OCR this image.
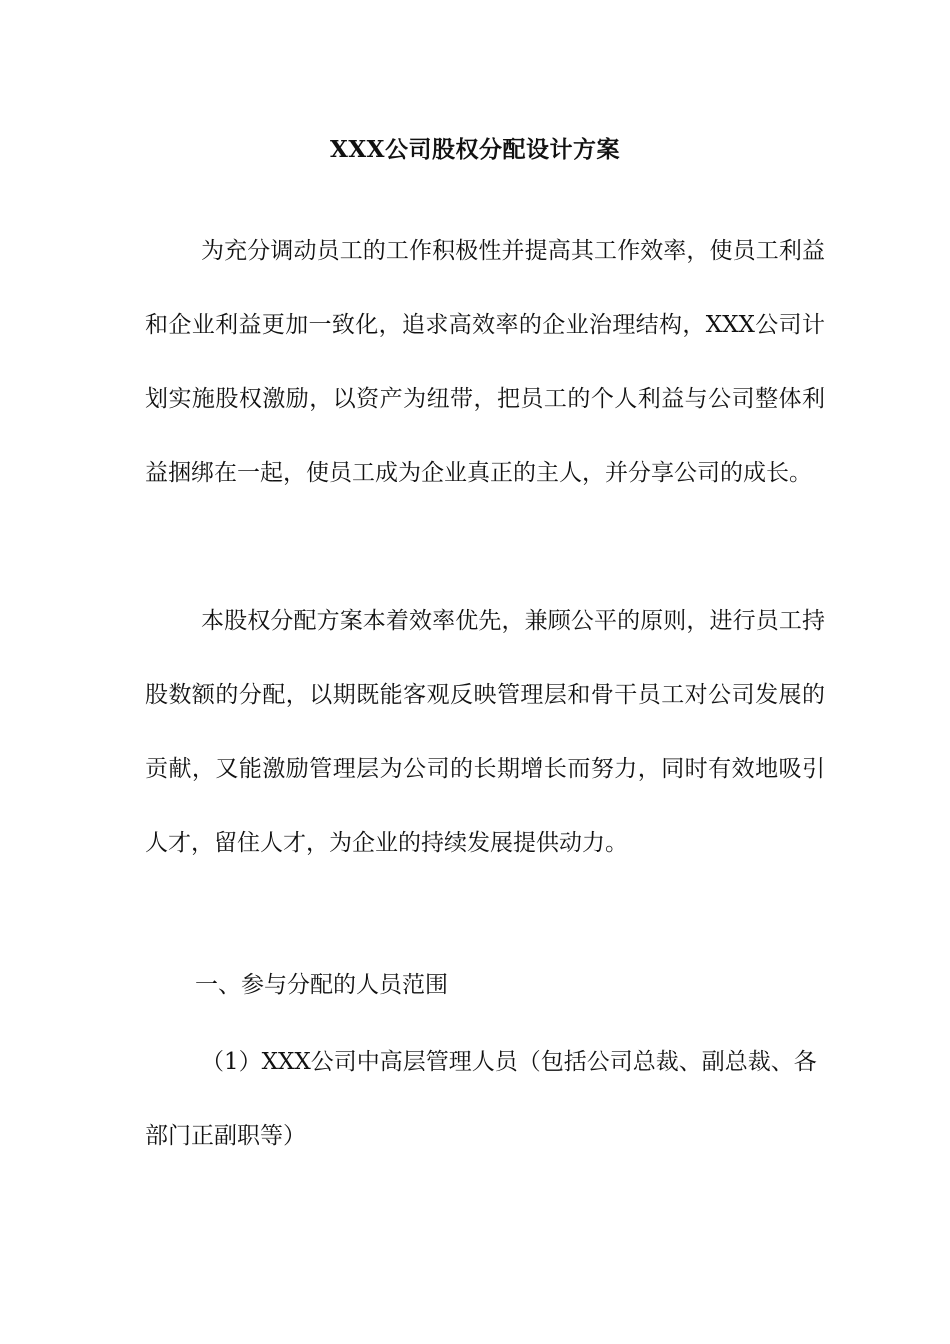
XXX公司股权分配设计方案

为充分调动员工的工作积极性并提高其工作效率，使员工利益和企业利益更加一致化，追求高效率的企业治理结构，XXX公司计划实施股权激励，以资产为纽带，把员工的个人利益与公司整体利益捆绑在一起，使员工成为企业真正的主人，并分享公司的成长。

本股权分配方案本着效率优先，兼顾公平的原则，进行员工持股数额的分配，以期既能客观反映管理层和骨干员工对公司发展的贡献，又能激励管理层为公司的长期增长而努力，同时有效地吸引人才，留住人才，为企业的持续发展提供动力。

一、参与分配的人员范围

（1）XXX公司中高层管理人员（包括公司总裁、副总裁、各部门正副职等）
